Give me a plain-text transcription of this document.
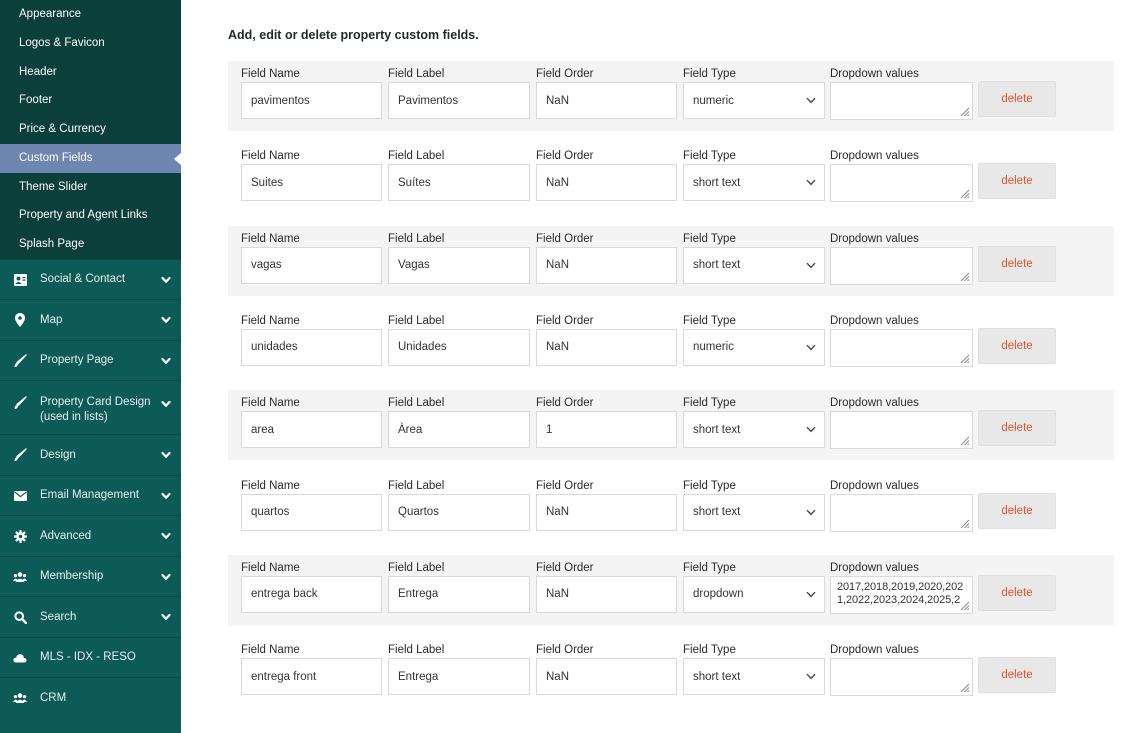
Appearance
Logos & Favicon
Header
Footer
Price & Currency
Custom Fields
Theme Slider
Property and Agent Links
Splash Page
Social & Contact
Map
Property Page
Property Card Design
(used in lists)
Design
Email Management
Advanced
Membership
Search
MLS - IDX - RESO
CRM
Add, edit or delete property custom fields.
Field Name
pavimentos
Field Label
Pavimentos
Field Order
NaN
Field Type
numeric
Dropdown values
delete
Field Name
Suites
Field Label
Suítes
Field Order
NaN
Field Type
short text
Dropdown values
delete
Field Name
vagas
Field Label
Vagas
Field Order
NaN
Field Type
short text
Dropdown values
delete
Field Name
unidades
Field Label
Unidades
Field Order
NaN
Field Type
numeric
Dropdown values
delete
Field Name
area
Field Label
Àrea
Field Order
1
Field Type
short text
Dropdown values
delete
Field Name
quartos
Field Label
Quartos
Field Order
NaN
Field Type
short text
Dropdown values
delete
Field Name
entrega back
Field Label
Entrega
Field Order
NaN
Field Type
dropdown
Dropdown values
2017,2018,2019,2020,2021,2022,2023,2024,2025,2
delete
Field Name
entrega front
Field Label
Entrega
Field Order
NaN
Field Type
short text
Dropdown values
delete
